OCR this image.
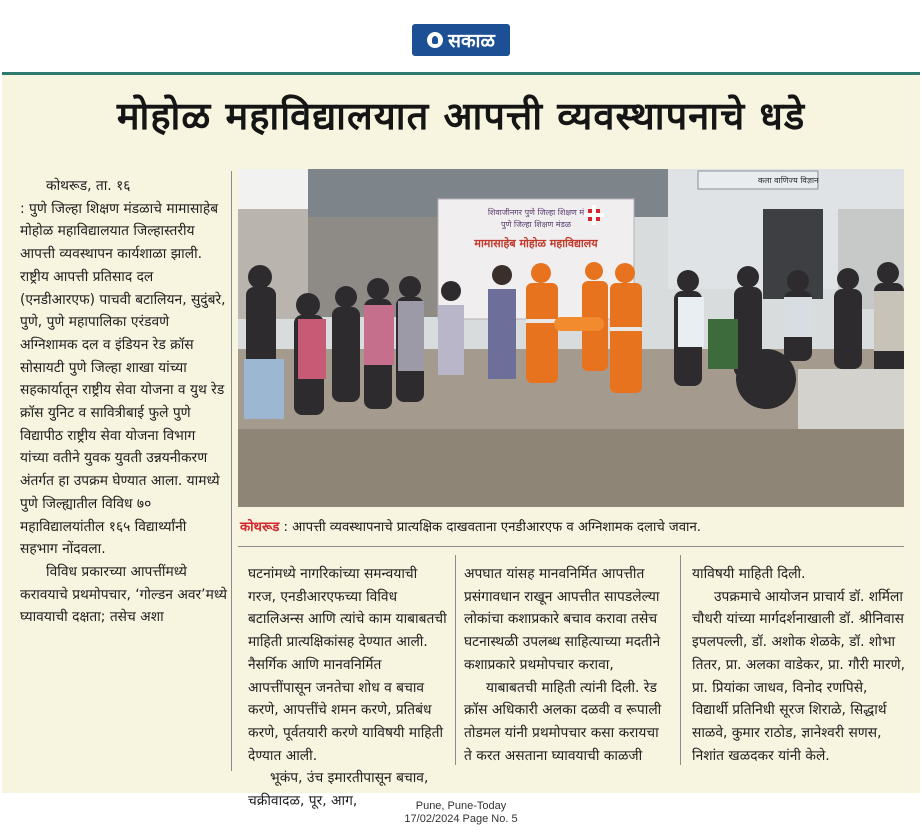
सकाळ
मोहोळ महाविद्यालयात आपत्ती व्यवस्थापनाचे धडे

कोथरूड, ता. १६

: पुणे जिल्हा शिक्षण मंडळाचे मामासाहेब मोहोळ महाविद्यालयात जिल्हास्तरीय आपत्ती व्यवस्थापन कार्यशाळा झाली. राष्ट्रीय आपत्ती प्रतिसाद दल (एनडीआरएफ) पाचवी बटालियन, सुदुंबरे, पुणे, पुणे महापालिका एरंडवणे अग्निशामक दल व इंडियन रेड क्रॉस सोसायटी पुणे जिल्हा शाखा यांच्या सहकार्यातून राष्ट्रीय सेवा योजना व युथ रेड क्रॉस युनिट व सावित्रीबाई फुले पुणे विद्यापीठ राष्ट्रीय सेवा योजना विभाग यांच्या वतीने युवक युवती उन्नयनीकरण अंतर्गत हा उपक्रम घेण्यात आला. यामध्ये पुणे जिल्ह्यातील विविध ७० महाविद्यालयांतील १६५ विद्यार्थ्यांनी सहभाग नोंदवला.

विविध प्रकारच्या आपत्तींमध्ये करावयाचे प्रथमोपचार, ‘गोल्डन अवर’मध्ये घ्यावयाची दक्षता; तसेच अशा

शिवाजीनगर पुणे जिल्हा शिक्षण मं
पुणे जिल्हा शिक्षण मंडळ
मामासाहेब मोहोळ महाविद्यालय
कला वाणिज्य विज्ञान
कोथरूड : आपत्ती व्यवस्थापनाचे प्रात्यक्षिक दाखवताना एनडीआरएफ व अग्निशामक दलाचे जवान.

घटनांमध्ये नागरिकांच्या समन्वयाची गरज, एनडीआरएफच्या विविध बटालिअन्स आणि त्यांचे काम याबाबतची माहिती प्रात्यक्षिकांसह देण्यात आली. नैसर्गिक आणि मानवनिर्मित आपत्तींपासून जनतेचा शोध व बचाव करणे, आपत्तींचे शमन करणे, प्रतिबंध करणे, पूर्वतयारी करणे याविषयी माहिती देण्यात आली.

भूकंप, उंच इमारतीपासून बचाव, चक्रीवादळ, पूर, आग,

अपघात यांसह मानवनिर्मित आपत्तीत प्रसंगावधान राखून आपत्तीत सापडलेल्या लोकांचा कशाप्रकारे बचाव करावा तसेच घटनास्थळी उपलब्ध साहित्याच्या मदतीने कशाप्रकारे प्रथमोपचार करावा,

याबाबतची माहिती त्यांनी दिली. रेड क्रॉस अधिकारी अलका दळवी व रूपाली तोडमल यांनी प्रथमोपचार कसा करायचा ते करत असताना घ्यावयाची काळजी

याविषयी माहिती दिली.

उपक्रमाचे आयोजन प्राचार्य डॉ. शर्मिला चौधरी यांच्या मार्गदर्शनाखाली डॉ. श्रीनिवास इपलपल्ली, डॉ. अशोक शेळके, डॉ. शोभा तितर, प्रा. अलका वाडेकर, प्रा. गौरी मारणे, प्रा. प्रियांका जाधव, विनोद रणपिसे, विद्यार्थी प्रतिनिधी सूरज शिराळे, सिद्धार्थ साळवे, कुमार राठोड, ज्ञानेश्वरी सणस, निशांत खळदकर यांनी केले.

Pune, Pune-Today
17/02/2024 Page No. 5
